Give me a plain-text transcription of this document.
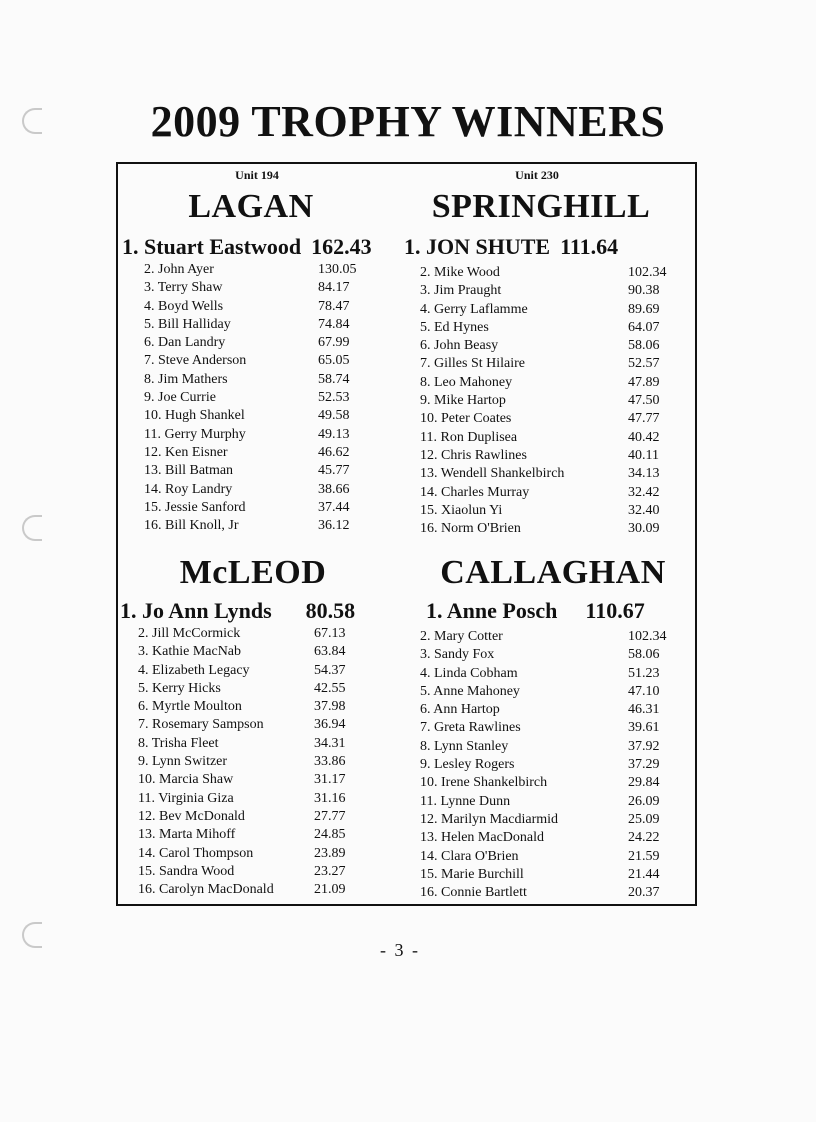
2009 TROPHY WINNERS
Unit 194
LAGAN
1. Stuart Eastwood 162.43
2. John Ayer	130.05
3. Terry Shaw	84.17
4. Boyd Wells	78.47
5. Bill Halliday	74.84
6. Dan Landry	67.99
7. Steve Anderson	65.05
8. Jim Mathers	58.74
9. Joe Currie	52.53
10. Hugh Shankel	49.58
11. Gerry Murphy	49.13
12. Ken Eisner	46.62
13. Bill Batman	45.77
14. Roy Landry	38.66
15. Jessie Sanford	37.44
16. Bill Knoll, Jr	36.12
Unit 230
SPRINGHILL
1. JON SHUTE 111.64
2. Mike Wood	102.34
3. Jim Praught	90.38
4. Gerry Laflamme	89.69
5. Ed Hynes	64.07
6. John Beasy	58.06
7. Gilles St Hilaire	52.57
8. Leo Mahoney	47.89
9. Mike Hartop	47.50
10. Peter Coates	47.77
11. Ron Duplisea	40.42
12. Chris Rawlines	40.11
13. Wendell Shankelbirch	34.13
14. Charles Murray	32.42
15. Xiaolun Yi	32.40
16. Norm O'Brien	30.09
McLEOD
1. Jo Ann Lynds 80.58
2. Jill McCormick	67.13
3. Kathie MacNab	63.84
4. Elizabeth Legacy	54.37
5. Kerry Hicks	42.55
6. Myrtle Moulton	37.98
7. Rosemary Sampson	36.94
8. Trisha Fleet	34.31
9. Lynn Switzer	33.86
10. Marcia Shaw	31.17
11. Virginia Giza	31.16
12. Bev McDonald	27.77
13. Marta Mihoff	24.85
14. Carol Thompson	23.89
15. Sandra Wood	23.27
16. Carolyn MacDonald	21.09
CALLAGHAN
1. Anne Posch 110.67
2. Mary Cotter	102.34
3. Sandy Fox	58.06
4. Linda Cobham	51.23
5. Anne Mahoney	47.10
6. Ann Hartop	46.31
7. Greta Rawlines	39.61
8. Lynn Stanley	37.92
9. Lesley Rogers	37.29
10. Irene Shankelbirch	29.84
11. Lynne Dunn	26.09
12. Marilyn Macdiarmid	25.09
13. Helen MacDonald	24.22
14. Clara O'Brien	21.59
15. Marie Burchill	21.44
16. Connie Bartlett	20.37
- 3 -
